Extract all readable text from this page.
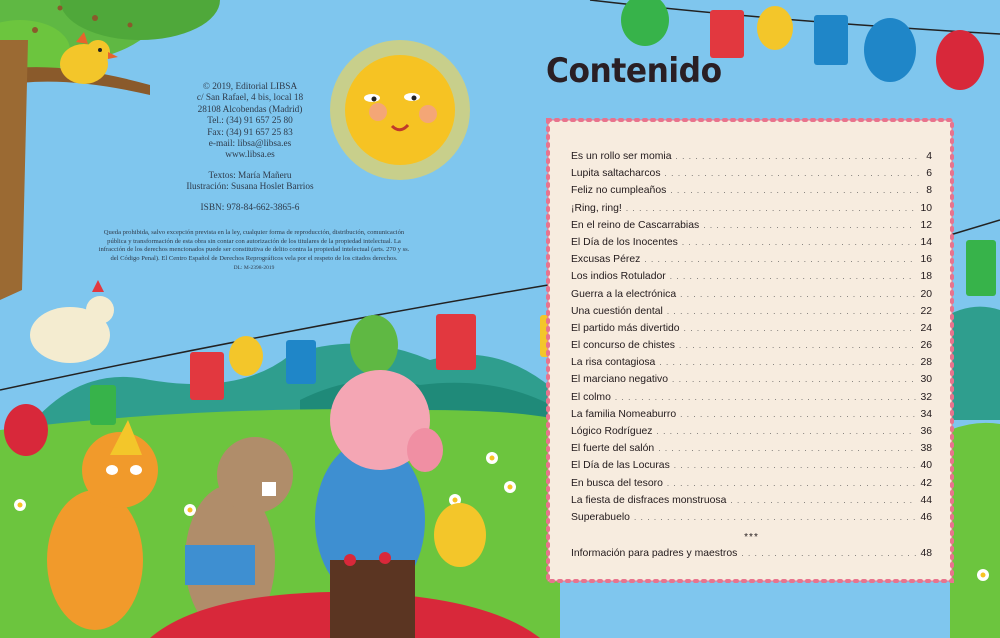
© 2019, Editorial LIBSA
c/ San Rafael, 4 bis, local 18
28108 Alcobendas (Madrid)
Tel.: (34) 91 657 25 80
Fax: (34) 91 657 25 83
e-mail: libsa@libsa.es
www.libsa.es
Textos: María Mañeru
Ilustración: Susana Hoslet Barrios
ISBN: 978-84-662-3865-6
Queda prohibida, salvo excepción prevista en la ley, cualquier forma de reproducción, distribución, comunicación pública y transformación de esta obra sin contar con autorización de los titulares de la propiedad intelectual. La infracción de los derechos mencionados puede ser constitutiva de delito contra la propiedad intelectual (arts. 270 y ss. del Código Penal). El Centro Español de Derechos Reprográficos vela por el respeto de los citados derechos.
DL: M-2398-2019
Contenido
Es un rollo ser momia . . .	4
Lupita saltacharcos . . .	6
Feliz no cumpleaños . . .	8
¡Ring, ring! . . .	10
En el reino de Cascarrabias . . .	12
El Día de los Inocentes . . .	14
Excusas Pérez . . .	16
Los indios Rotulador . . .	18
Guerra a la electrónica . . .	20
Una cuestión dental . . .	22
El partido más divertido . . .	24
El concurso de chistes . . .	26
La risa contagiosa . . .	28
El marciano negativo . . .	30
El colmo . . .	32
La familia Nomeaburro . . .	34
Lógico Rodríguez . . .	36
El fuerte del salón . . .	38
El Día de las Locuras . . .	40
En busca del tesoro . . .	42
La fiesta de disfraces monstruosa . . .	44
Superabuelo . . .	46
***
Información para padres y maestros . . .	48
